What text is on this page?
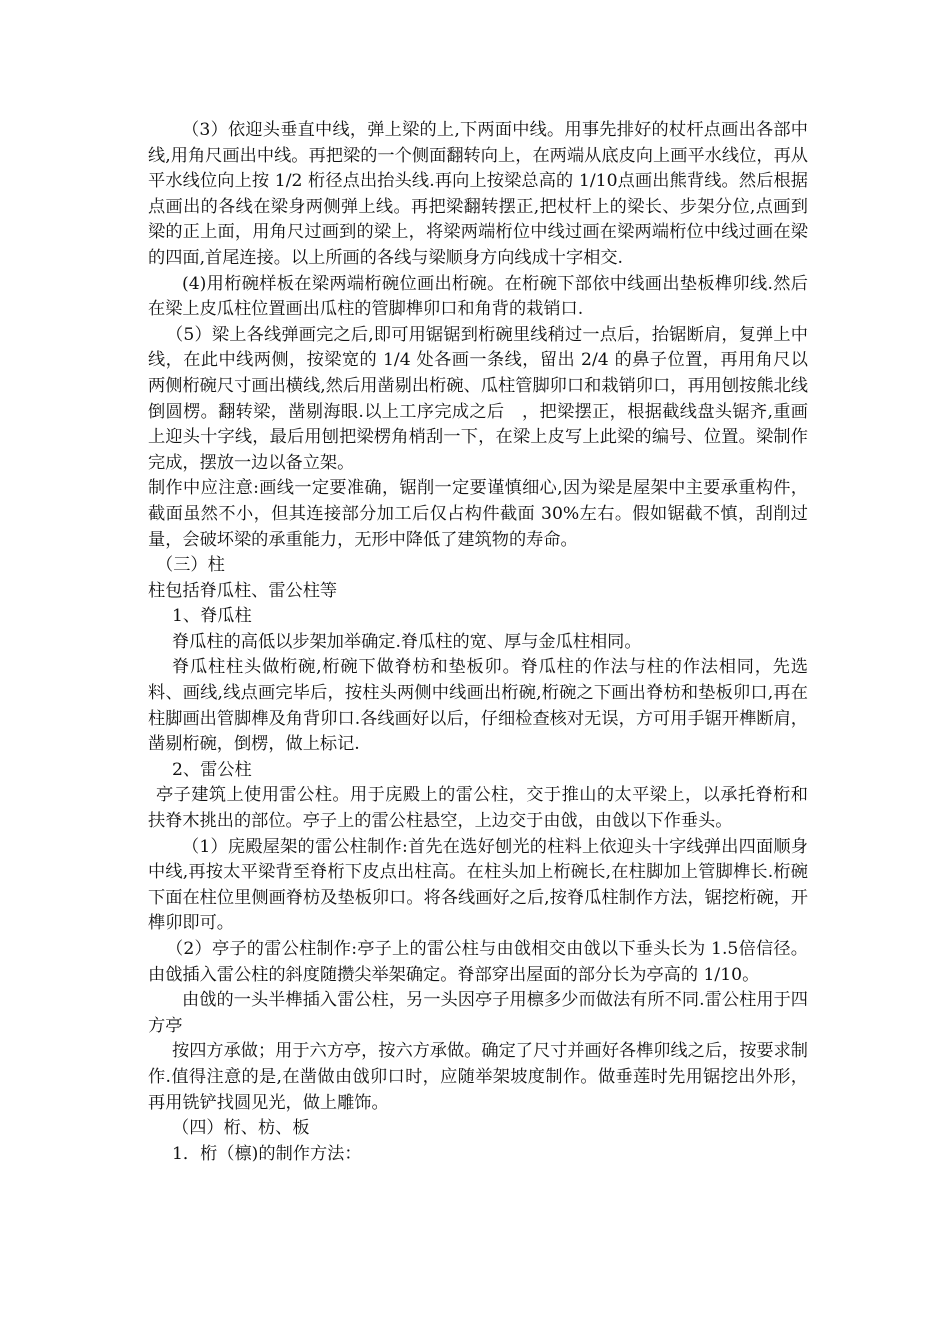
（3）依迎头垂直中线，弹上梁的上,下两面中线。用事先排好的杖杆点画出各部中线,用角尺画出中线。再把梁的一个侧面翻转向上，在两端从底皮向上画平水线位，再从平水线位向上按 1/2 桁径点出抬头线.再向上按梁总高的 1/10点画出熊背线。然后根据点画出的各线在梁身两侧弹上线。再把梁翻转摆正,把杖杆上的梁长、步架分位,点画到梁的正上面，用角尺过画到的梁上，将梁两端桁位中线过画在梁两端桁位中线过画在梁的四面,首尾连接。以上所画的各线与梁顺身方向线成十字相交.

(4)用桁碗样板在梁两端桁碗位画出桁碗。在桁碗下部依中线画出垫板榫卯线.然后在梁上皮瓜柱位置画出瓜柱的管脚榫卯口和角背的栽销口.

（5）梁上各线弹画完之后,即可用锯锯到桁碗里线稍过一点后，抬锯断肩，复弹上中线，在此中线两侧，按梁宽的 1/4 处各画一条线，留出 2/4 的鼻子位置，再用角尺以两侧桁碗尺寸画出横线,然后用凿剔出桁碗、瓜柱管脚卯口和栽销卯口，再用刨按熊北线倒圆楞。翻转梁，凿剔海眼.以上工序完成之后　，把梁摆正，根据截线盘头锯齐,重画上迎头十字线，最后用刨把梁楞角梢刮一下，在梁上皮写上此梁的编号、位置。梁制作完成，摆放一边以备立架。

制作中应注意:画线一定要准确，锯削一定要谨慎细心,因为梁是屋架中主要承重构件，截面虽然不小，但其连接部分加工后仅占构件截面 30%左右。假如锯截不慎，刮削过量，会破坏梁的承重能力，无形中降低了建筑物的寿命。

（三）柱

柱包括脊瓜柱、雷公柱等

1、脊瓜柱

脊瓜柱的高低以步架加举确定.脊瓜柱的宽、厚与金瓜柱相同。

脊瓜柱柱头做桁碗,桁碗下做脊枋和垫板卯。脊瓜柱的作法与柱的作法相同，先选料、画线,线点画完毕后，按柱头两侧中线画出桁碗,桁碗之下画出脊枋和垫板卯口,再在柱脚画出管脚榫及角背卯口.各线画好以后，仔细检查核对无误，方可用手锯开榫断肩，凿剔桁碗，倒楞，做上标记.

2、雷公柱

亭子建筑上使用雷公柱。用于庑殿上的雷公柱，交于推山的太平梁上，以承托脊桁和扶脊木挑出的部位。亭子上的雷公柱悬空，上边交于由戗，由戗以下作垂头。

（1）庑殿屋架的雷公柱制作:首先在选好刨光的柱料上依迎头十字线弹出四面顺身中线,再按太平梁背至脊桁下皮点出柱高。在柱头加上桁碗长,在柱脚加上管脚榫长.桁碗下面在柱位里侧画脊枋及垫板卯口。将各线画好之后,按脊瓜柱制作方法，锯挖桁碗，开榫卯即可。

（2）亭子的雷公柱制作:亭子上的雷公柱与由戗相交由戗以下垂头长为 1.5倍信径。由戗插入雷公柱的斜度随攒尖举架确定。脊部穿出屋面的部分长为亭高的 1/10。

由戗的一头半榫插入雷公柱，另一头因亭子用檩多少而做法有所不同.雷公柱用于四方亭

按四方承做；用于六方亭，按六方承做。确定了尺寸并画好各榫卯线之后，按要求制作.值得注意的是,在凿做由戗卯口时，应随举架坡度制作。做垂莲时先用锯挖出外形，再用铣铲找圆见光，做上雕饰。

（四）桁、枋、板

1．桁（檩)的制作方法：
